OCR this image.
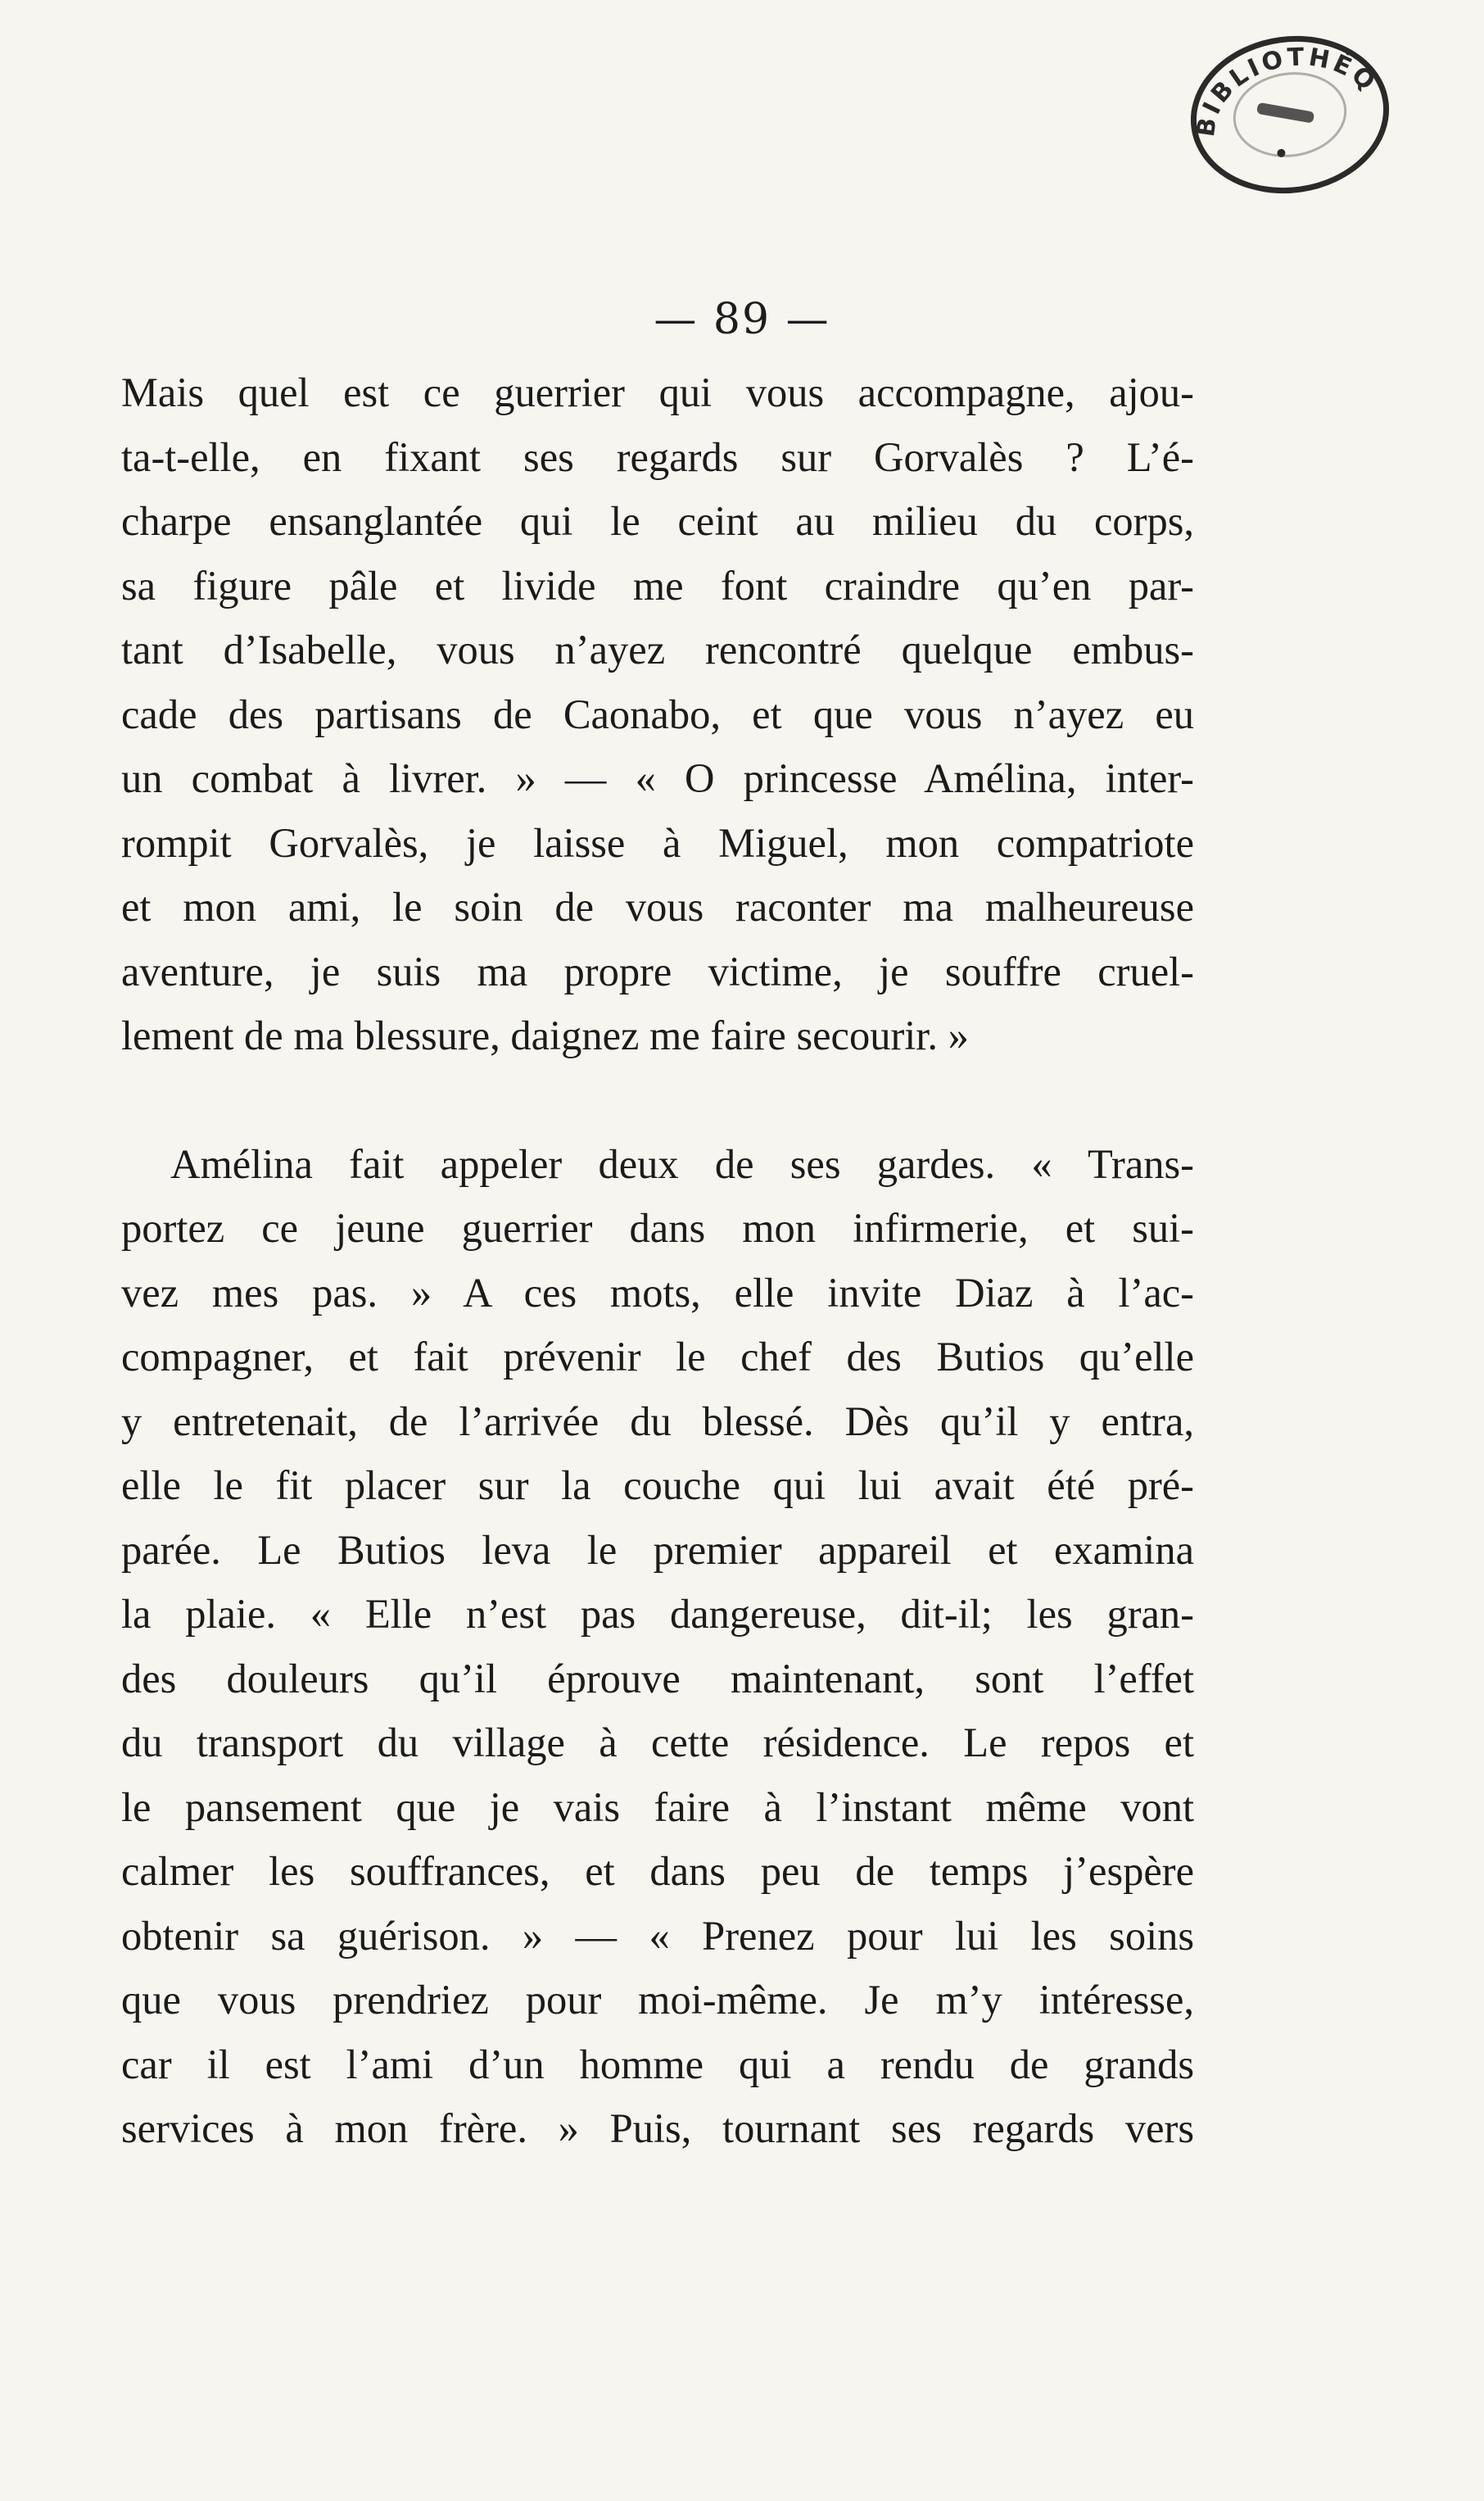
BIBLIOTHÈQUE
— 89 —
Mais quel est ce guerrier qui vous accompagne, ajou-
ta-t-elle, en fixant ses regards sur Gorvalès ? L’é-
charpe ensanglantée qui le ceint au milieu du corps,
sa figure pâle et livide me font craindre qu’en par-
tant d’Isabelle, vous n’ayez rencontré quelque embus-
cade des partisans de Caonabo, et que vous n’ayez eu
un combat à livrer. » — « O princesse Amélina, inter-
rompit Gorvalès, je laisse à Miguel, mon compatriote
et mon ami, le soin de vous raconter ma malheureuse
aventure, je suis ma propre victime, je souffre cruel-
lement de ma blessure, daignez me faire secourir. »
Amélina fait appeler deux de ses gardes. « Trans-
portez ce jeune guerrier dans mon infirmerie, et sui-
vez mes pas. » A ces mots, elle invite Diaz à l’ac-
compagner, et fait prévenir le chef des Butios qu’elle
y entretenait, de l’arrivée du blessé. Dès qu’il y entra,
elle le fit placer sur la couche qui lui avait été pré-
parée. Le Butios leva le premier appareil et examina
la plaie. « Elle n’est pas dangereuse, dit-il; les gran-
des douleurs qu’il éprouve maintenant, sont l’effet
du transport du village à cette résidence. Le repos et
le pansement que je vais faire à l’instant même vont
calmer les souffrances, et dans peu de temps j’espère
obtenir sa guérison. » — « Prenez pour lui les soins
que vous prendriez pour moi-même. Je m’y intéresse,
car il est l’ami d’un homme qui a rendu de grands
services à mon frère. » Puis, tournant ses regards vers
